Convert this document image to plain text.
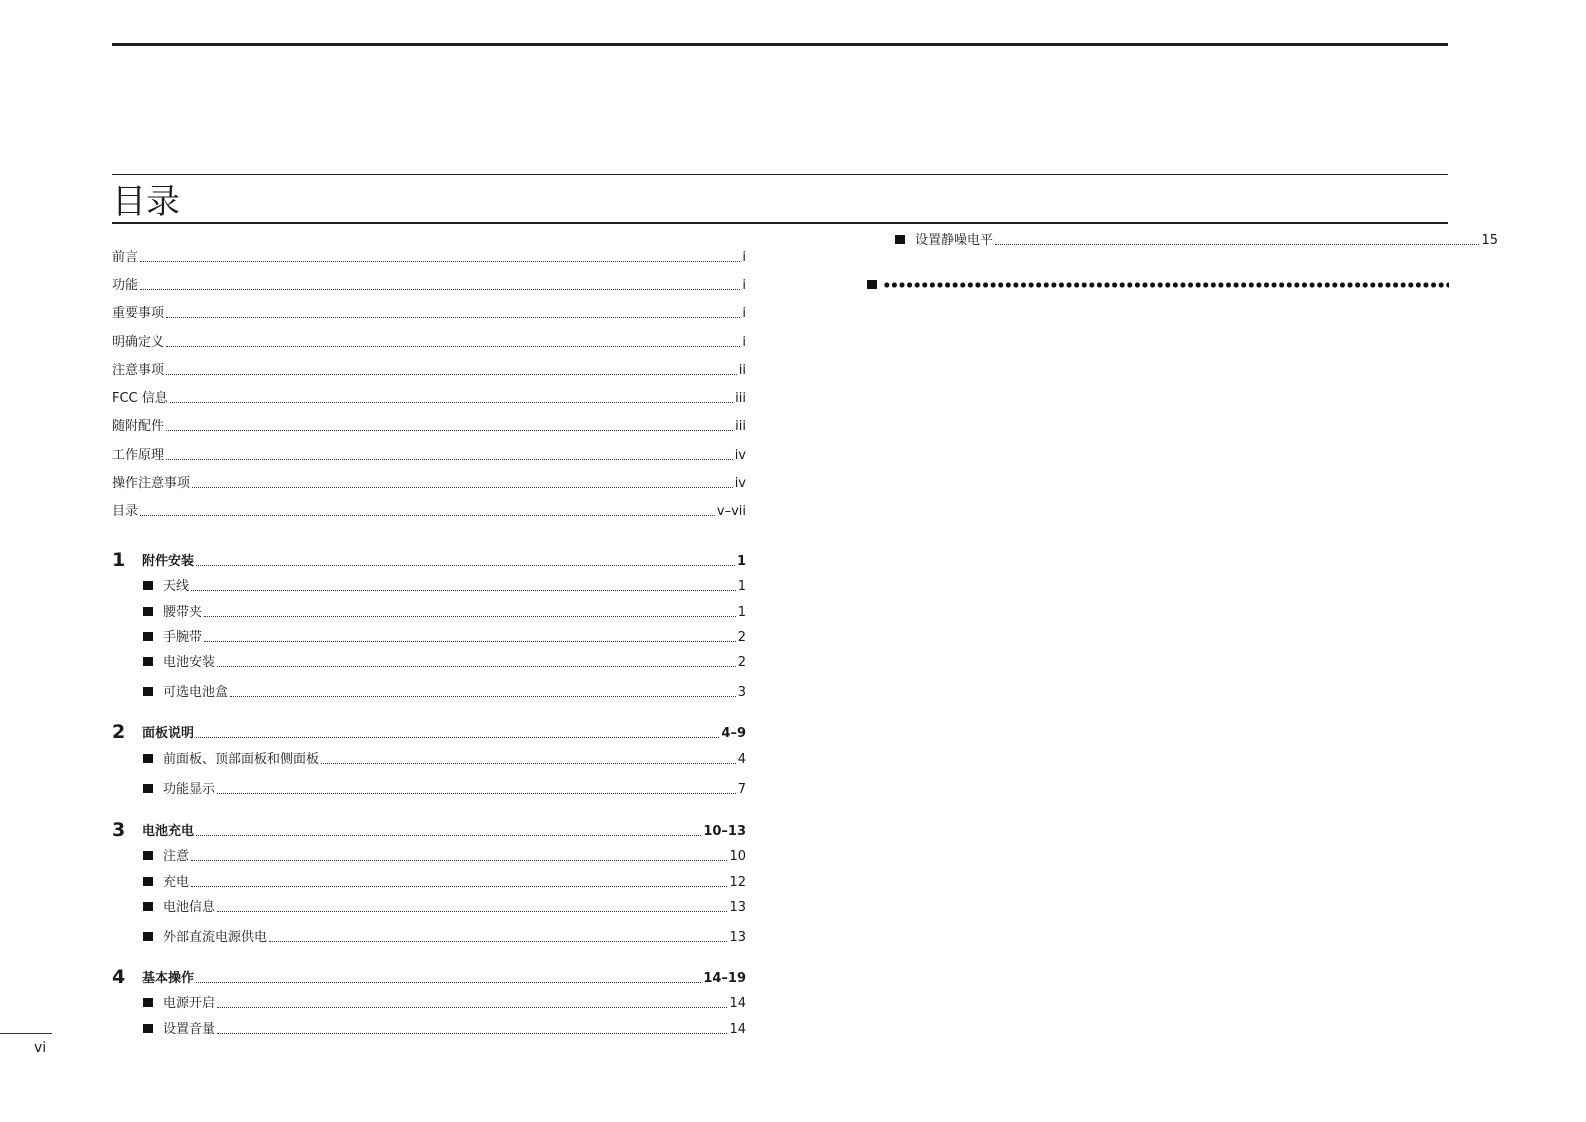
目录
前言	i
功能	i
重要事项	i
明确定义	i
注意事项	ii
FCC 信息	iii
随附配件	iii
工作原理	iv
操作注意事项	iv
目录	v–vii
1	附件安装	1
天线	1
腰带夹	1
手腕带	2
电池安装	2
可选电池盒	3
2	面板说明	4–9
前面板、顶部面板和侧面板	4
功能显示	7
3	电池充电	10–13
注意	10
充电	12
电池信息	13
外部直流电源供电	13
4	基本操作	14–19
电源开启	14
设置音量	14
设置静噪电平	15
vi
